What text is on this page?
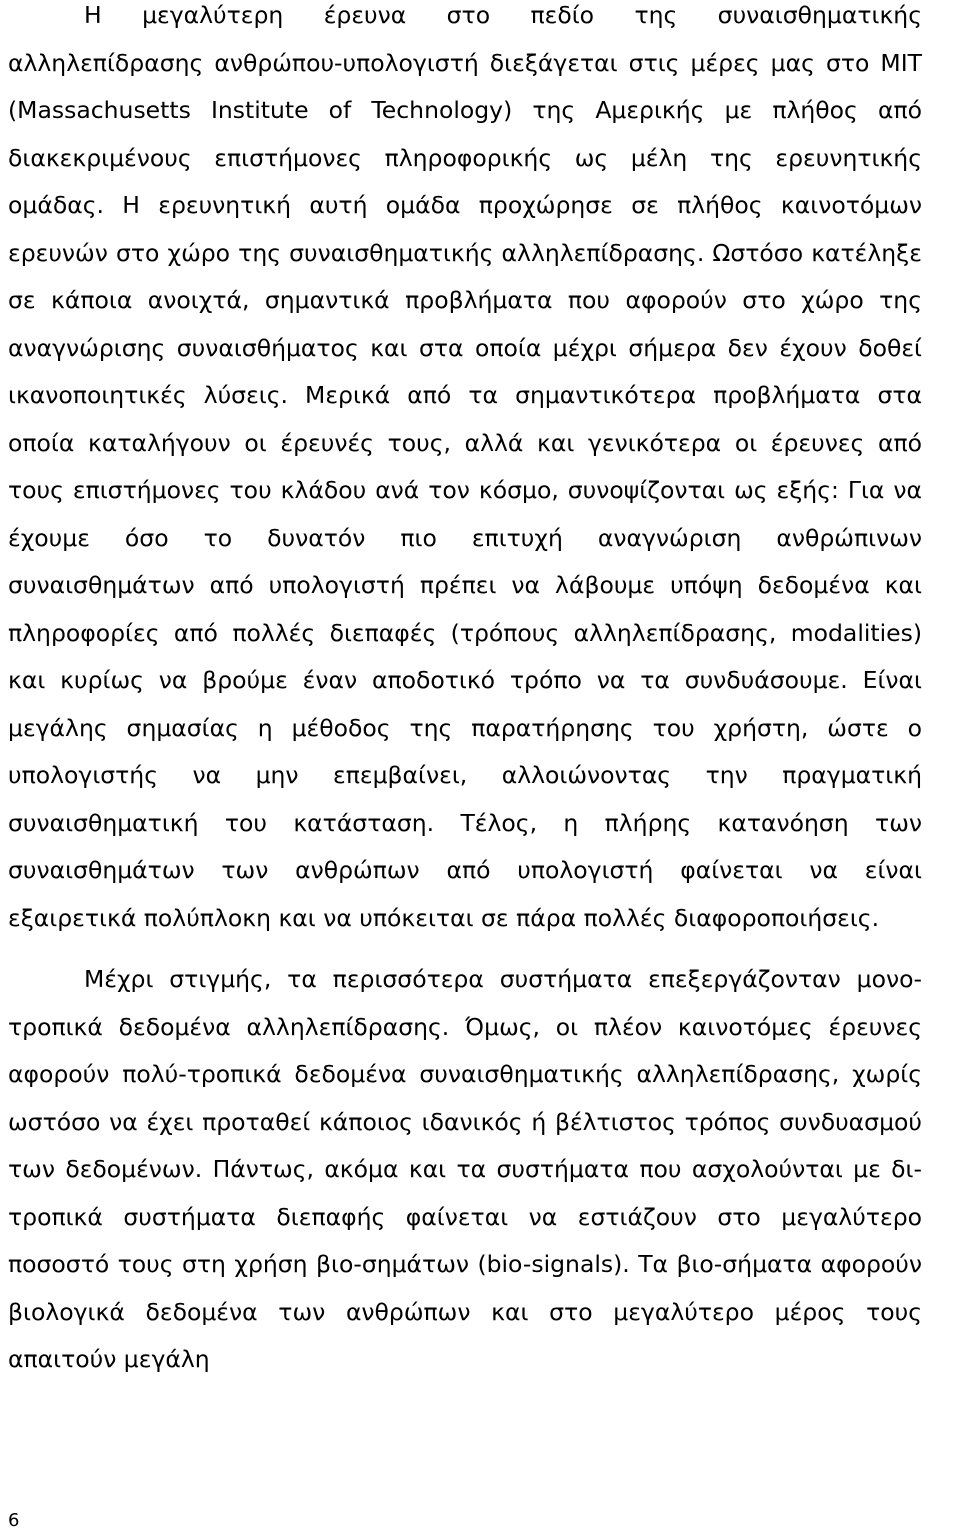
Η μεγαλύτερη έρευνα στο πεδίο της συναισθηματικής αλληλεπίδρασης ανθρώπου-υπολογιστή διεξάγεται στις μέρες μας στο MIT (Massachusetts Institute of Technology) της Αμερικής με πλήθος από διακεκριμένους επιστήμονες πληροφορικής ως μέλη της ερευνητικής ομάδας. Η ερευνητική αυτή ομάδα προχώρησε σε πλήθος καινοτόμων ερευνών στο χώρο της συναισθηματικής αλληλεπίδρασης. Ωστόσο κατέληξε σε κάποια ανοιχτά, σημαντικά προβλήματα που αφορούν στο χώρο της αναγνώρισης συναισθήματος και στα οποία μέχρι σήμερα δεν έχουν δοθεί ικανοποιητικές λύσεις. Μερικά από τα σημαντικότερα προβλήματα στα οποία καταλήγουν οι έρευνές τους, αλλά και γενικότερα οι έρευνες από τους επιστήμονες του κλάδου ανά τον κόσμο, συνοψίζονται ως εξής: Για να έχουμε όσο το δυνατόν πιο επιτυχή αναγνώριση ανθρώπινων συναισθημάτων από υπολογιστή πρέπει να λάβουμε υπόψη δεδομένα και πληροφορίες από πολλές διεπαφές (τρόπους αλληλεπίδρασης, modalities) και κυρίως να βρούμε έναν αποδοτικό τρόπο να τα συνδυάσουμε. Είναι μεγάλης σημασίας η μέθοδος της παρατήρησης του χρήστη, ώστε ο υπολογιστής να μην επεμβαίνει, αλλοιώνοντας την πραγματική συναισθηματική του κατάσταση. Τέλος, η πλήρης κατανόηση των συναισθημάτων των ανθρώπων από υπολογιστή φαίνεται να είναι εξαιρετικά πολύπλοκη και να υπόκειται σε πάρα πολλές διαφοροποιήσεις.

Μέχρι στιγμής, τα περισσότερα συστήματα επεξεργάζονταν μονο-τροπικά δεδομένα αλληλεπίδρασης. Όμως, οι πλέον καινοτόμες έρευνες αφορούν πολύ-τροπικά δεδομένα συναισθηματικής αλληλεπίδρασης, χωρίς ωστόσο να έχει προταθεί κάποιος ιδανικός ή βέλτιστος τρόπος συνδυασμού των δεδομένων. Πάντως, ακόμα και τα συστήματα που ασχολούνται με δι-τροπικά συστήματα διεπαφής φαίνεται να εστιάζουν στο μεγαλύτερο ποσοστό τους στη χρήση βιο-σημάτων (bio-signals). Τα βιο-σήματα αφορούν βιολογικά δεδομένα των ανθρώπων και στο μεγαλύτερο μέρος τους απαιτούν μεγάλη

6
